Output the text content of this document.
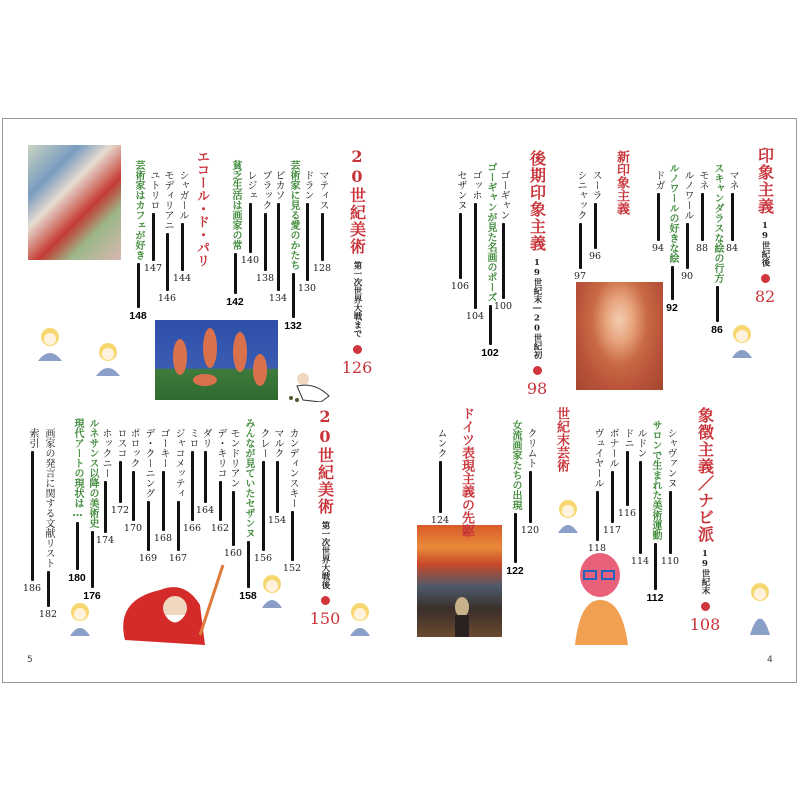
印象主義
19世紀後
82
マネ
84
スキャンダラスな絵の行方
86
モネ
88
ルノワール
90
ルノワールの好きな絵
92
ドガ
94
新印象主義
スーラ
96
シニャック
97
後期印象主義
19世紀末―20世紀初
98
ゴーギャン
100
ゴーギャンが見た名画のポーズ
102
ゴッホ
104
セザンヌ
106
20世紀美術
第一次世界大戦まで
126
マティス
128
ドラン
130
芸術家に見る愛のかたち
132
ピカソ
134
ブラック
138
レジェ
140
貧乏生活は画家の常
142
エコール・ド・パリ
シャガール
144
モディリアニ
146
ユトリロ
147
芸術家はカフェが好き
148
20世紀美術
第一次世界大戦後
150
カンディンスキー
152
マルク
154
クレー
156
みんなが見ていたセザンヌ
158
モンドリアン
160
デ・キリコ
162
ダリ
164
ミロ
166
ジャコメッティ
167
ゴーキー
168
デ・クーニング
169
ポロック
170
ロスコ
172
ホックニー
174
ルネサンス以降の美術史
176
現代アートの現状は…
180
画家の発言に関する文献リスト
182
索引
186
象徴主義／ナビ派
19世紀末
108
シャヴァンヌ
110
サロンで生まれた美術運動
112
ルドン
114
ドニ
116
ボナール
117
ヴュイヤール
118
世紀末芸術
クリムト
120
女流画家たちの出現
122
ドイツ表現主義の先駆
ムンク
124
5	4
